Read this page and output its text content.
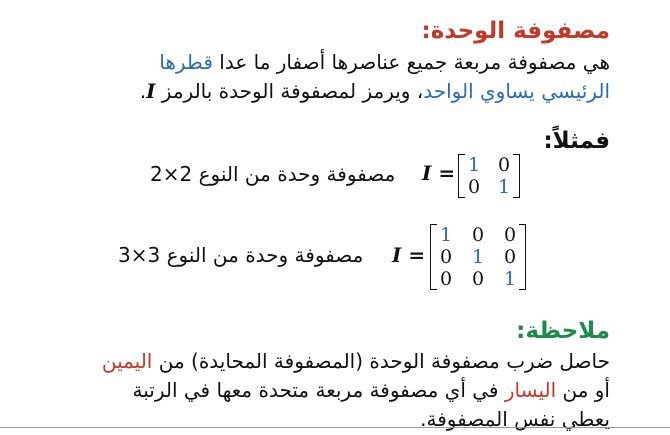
مصفوفة الوحدة:
هي مصفوفة مربعة جميع عناصرها أصفار ما عدا قطرها
الرئيسي يساوي الواحد، ويرمز لمصفوفة الوحدة بالرمز I.
فمثلاً:
مصفوفة وحدة من النوع 2×2 I = 1 0
0 1
مصفوفة وحدة من النوع 3×3 I =
1 0 0
0 1 0
0 0 1
ملاحظة:
حاصل ضرب مصفوفة الوحدة (المصفوفة المحايدة) من اليمين
أو من اليسار في أي مصفوفة مربعة متحدة معها في الرتبة
يعطي نفس المصفوفة.
